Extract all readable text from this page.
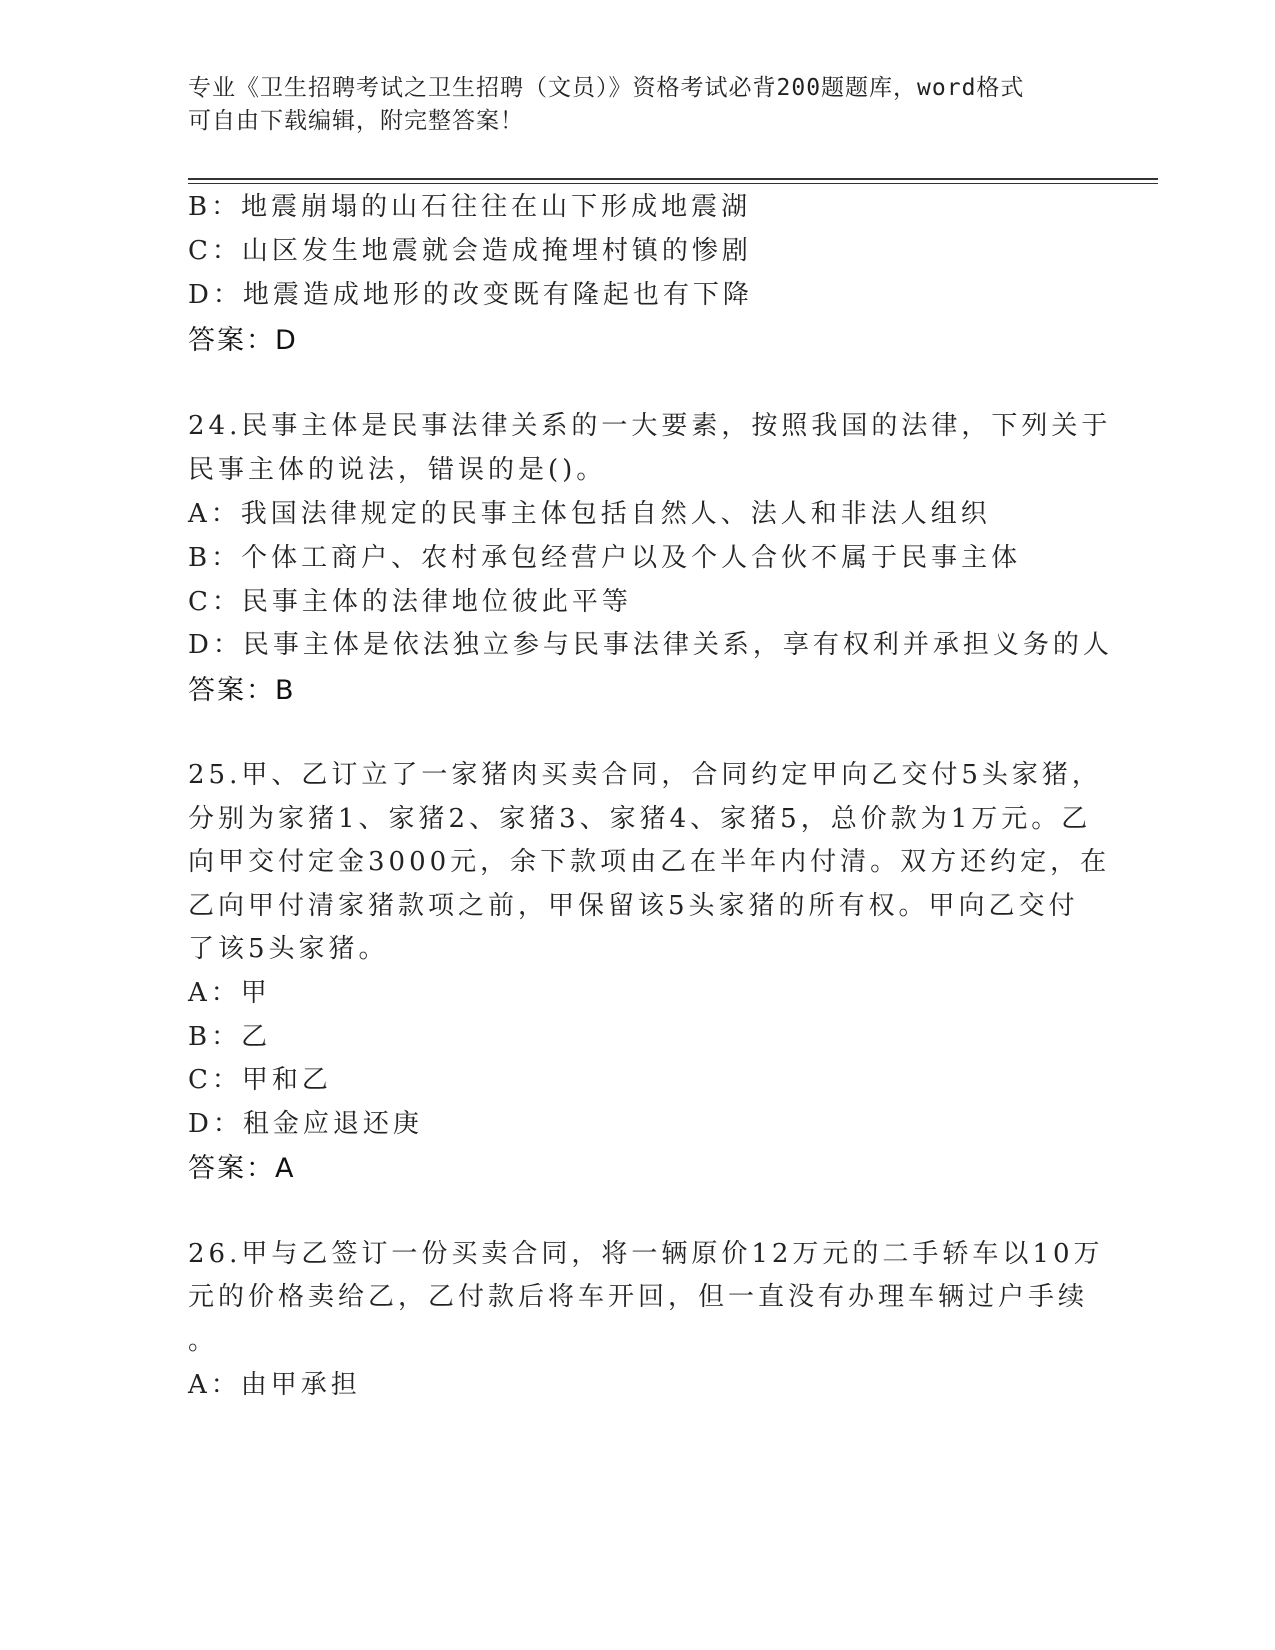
专业《卫生招聘考试之卫生招聘（文员）》资格考试必背200题题库，word格式
可自由下载编辑，附完整答案！
B：地震崩塌的山石往往在山下形成地震湖
C：山区发生地震就会造成掩埋村镇的惨剧
D：地震造成地形的改变既有隆起也有下降
答案：D
24.民事主体是民事法律关系的一大要素，按照我国的法律，下列关于
民事主体的说法，错误的是()。
A：我国法律规定的民事主体包括自然人、法人和非法人组织
B：个体工商户、农村承包经营户以及个人合伙不属于民事主体
C：民事主体的法律地位彼此平等
D：民事主体是依法独立参与民事法律关系，享有权利并承担义务的人
答案：B
25.甲、乙订立了一家猪肉买卖合同，合同约定甲向乙交付5头家猪，
分别为家猪1、家猪2、家猪3、家猪4、家猪5，总价款为1万元。乙
向甲交付定金3000元，余下款项由乙在半年内付清。双方还约定，在
乙向甲付清家猪款项之前，甲保留该5头家猪的所有权。甲向乙交付
了该5头家猪。
A：甲
B：乙
C：甲和乙
D：租金应退还庚
答案：A
26.甲与乙签订一份买卖合同，将一辆原价12万元的二手轿车以10万
元的价格卖给乙，乙付款后将车开回，但一直没有办理车辆过户手续
。
A：由甲承担
